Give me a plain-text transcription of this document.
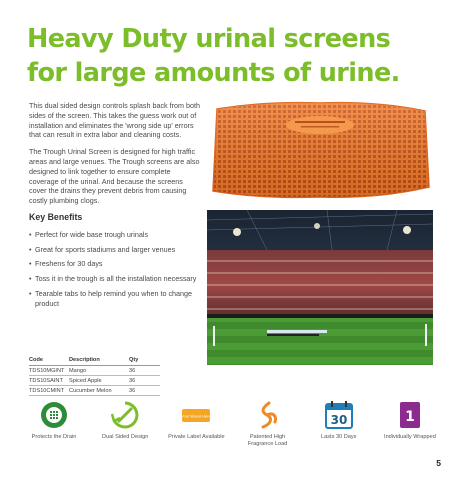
Heavy Duty urinal screens
for large amounts of urine.

This dual sided design controls splash back from both sides of the screen. This takes the guess work out of installation and eliminates the 'wrong side up' errors that can result in extra labor and cleaning costs.

The Trough Urinal Screen is designed for high traffic areas and large venues. The Trough screens are also designed to link together to ensure complete coverage of the urinal. And because the screens cover the drains they prevent debris from causing costly plumbing clogs.

Key Benefits
• Perfect for wide base trough urinals
• Great for sports stadiums and larger venues
• Freshens for 30 days
• Toss it in the trough is all the installation necessary
• Tearable tabs to help remind you when to change product
Code	Description	Qty
TDS10MGINT	Mango	36
TDS10SAINT	Spiced Apple	36
TDS10CMINT	Cucumber Melon	36
Protects the Drain	Dual Sided Design
Your Brand Here
Private Label Available	Patented High Fragrance Load
30
Lasts 30 Days
1
Individually Wrapped
5
